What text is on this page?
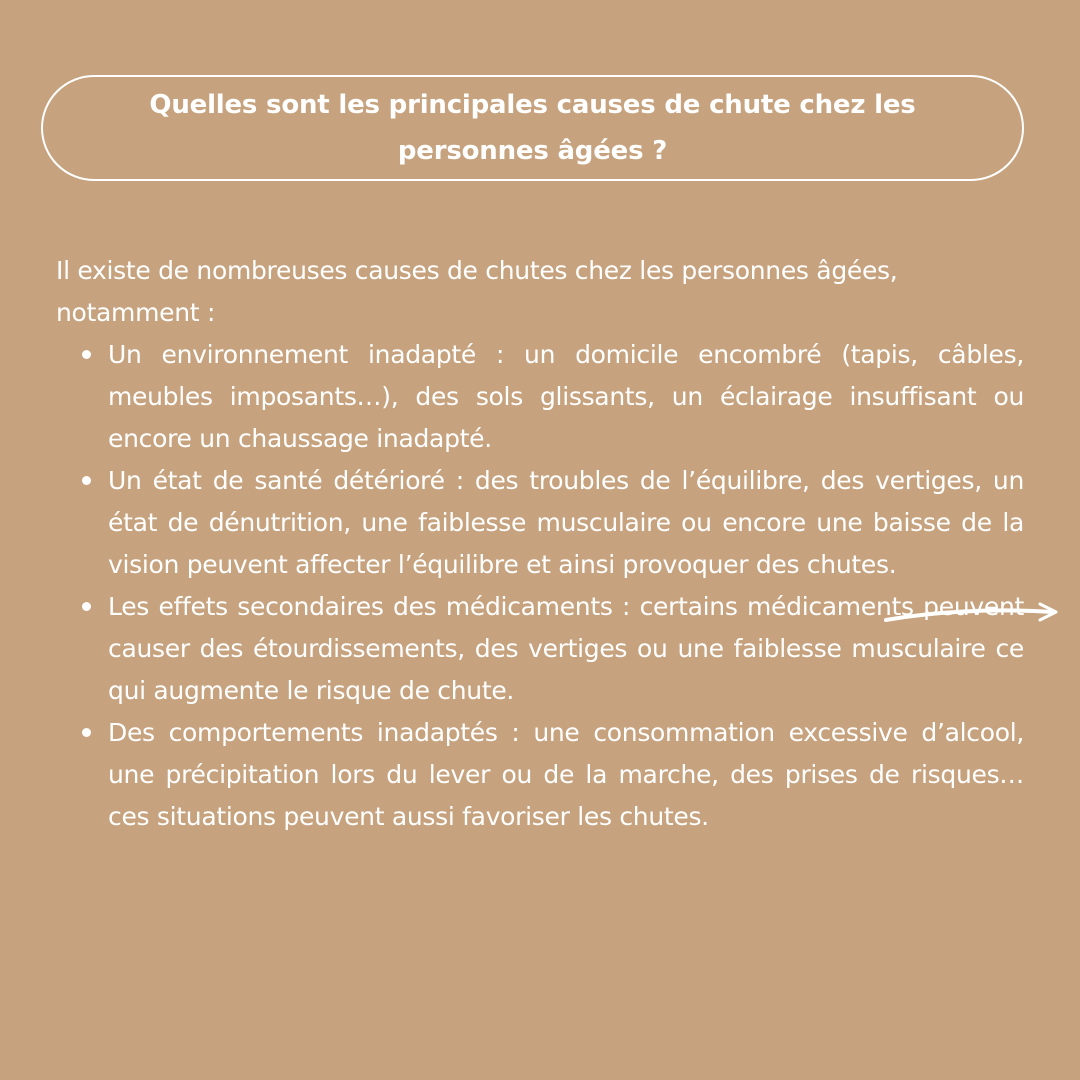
Quelles sont les principales causes de chute chez les personnes âgées ?

Il existe de nombreuses causes de chutes chez les personnes âgées, notamment :

Un environnement inadapté : un domicile encombré (tapis, câbles, meubles imposants…), des sols glissants, un éclairage insuffisant ou encore un chaussage inadapté.
Un état de santé détérioré : des troubles de l’équilibre, des vertiges, un état de dénutrition, une faiblesse musculaire ou encore une baisse de la vision peuvent affecter l’équilibre et ainsi provoquer des chutes.
Les effets secondaires des médicaments : certains médicaments peuvent causer des étourdissements, des vertiges ou une faiblesse musculaire ce qui augmente le risque de chute.
Des comportements inadaptés : une consommation excessive d’alcool, une précipitation lors du lever ou de la marche, des prises de risques… ces situations peuvent aussi favoriser les chutes.
